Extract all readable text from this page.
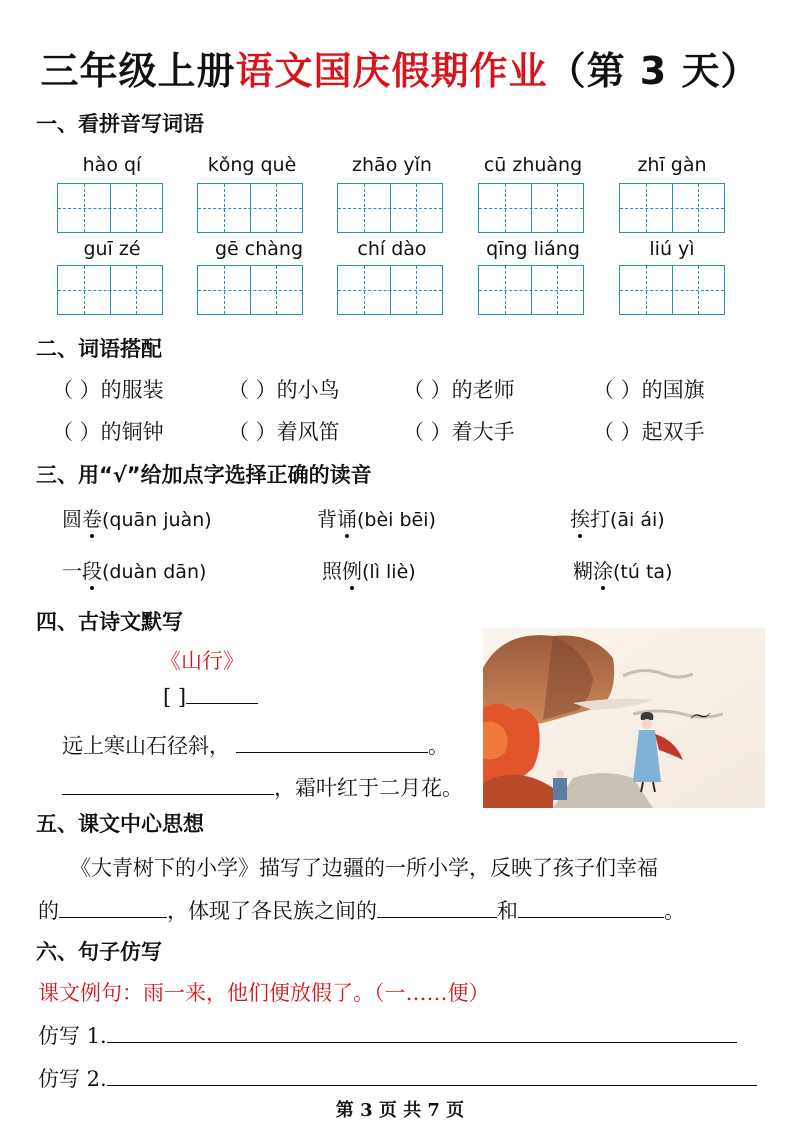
三年级上册语文国庆假期作业（第 3 天）
一、看拼音写词语
hào qí	kǒng què	zhāo yǐn	cū zhuàng	zhī gàn
guī zé	gē chàng	chí dào	qīng liáng	liú yì
二、词语搭配
（ ）的服装	（ ）的小鸟	（ ）的老师	（ ）的国旗
（ ）的铜钟	（ ）着风笛	（ ）着大手	（ ）起双手
三、用“√”给加点字选择正确的读音
圆卷(quān juàn)	背诵(bèi bēi)	挨打(āi ái)
一段(duàn dān)	照例(lì liè)	糊涂(tú ta)
四、古诗文默写
《山行》
[ ]
远上寒山石径斜，	。
，霜叶红于二月花。
〜
五、课文中心思想
《大青树下的小学》描写了边疆的一所小学，反映了孩子们幸福
的	，体现了各民族之间的	和	。
六、句子仿写
课文例句：雨一来，他们便放假了。（一……便）
仿写 1.
仿写 2.
第 3 页 共 7 页
